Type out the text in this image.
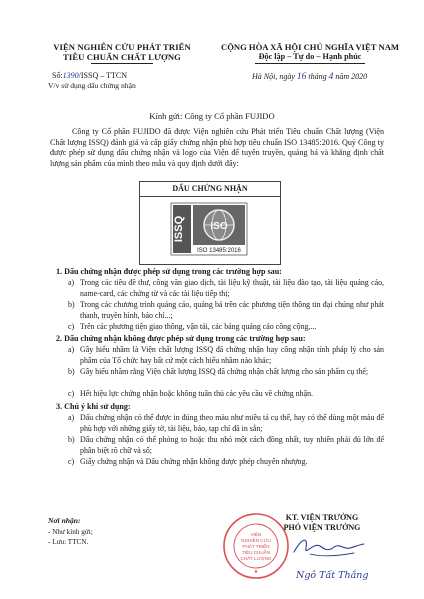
VIỆN NGHIÊN CỨU PHÁT TRIỂN
TIÊU CHUẨN CHẤT LƯỢNG
CỘNG HÒA XÃ HỘI CHỦ NGHĨA VIỆT NAM
Độc lập – Tự do – Hạnh phúc
Số:1390/ISSQ – TTCN
V/v sử dụng dấu chứng nhận
Hà Nội, ngày 16 tháng 4 năm 2020
Kính gửi: Công ty Cổ phần FUJIDO

Công ty Cổ phần FUJIDO đã được Viện nghiên cứu Phát triển Tiêu chuẩn Chất lượng (Viện Chất lượng ISSQ) đánh giá và cấp giấy chứng nhận phù hợp tiêu chuẩn ISO 13485:2016. Quý Công ty được phép sử dụng dấu chứng nhận và logo của Viện để tuyên truyền, quảng bá và khẳng định chất lượng sản phẩm của mình theo mẫu và quy định dưới đây:

DẤU CHỨNG NHẬN
ISSQ	ISO
ISO 13485:2016
1. Dấu chứng nhận được phép sử dụng trong các trường hợp sau:

a) Trong các tiêu đề thư, công văn giao dịch, tài liệu kỹ thuật, tài liệu đào tạo, tài liệu quảng cáo, name-card, các chứng từ và các tài liệu tiếp thị;

b) Trong các chương trình quảng cáo, quảng bá trên các phương tiện thông tin đại chúng như phát thanh, truyền hình, báo chí...;

c) Trên các phương tiện giao thông, vận tải, các bảng quảng cáo công cộng,...

2. Dấu chứng nhận không được phép sử dụng trong các trường hợp sau:

a) Gây hiểu nhầm là Viện chất lượng ISSQ đã chứng nhận hay công nhận tính pháp lý cho sản phẩm của Tổ chức hay bất cứ một cách hiểu nhầm nào khác;

b) Gây hiểu nhầm rằng Viện chất lượng ISSQ đã chứng nhận chất lượng cho sản phẩm cụ thể;

c) Hết hiệu lực chứng nhận hoặc không tuân thủ các yêu cầu về chứng nhận.

3. Chú ý khi sử dụng:

a) Dấu chứng nhận có thể được in đúng theo màu như miêu tả cụ thể, hay có thể dùng một màu để phù hợp với những giấy tờ, tài liệu, báo, tạp chí đã in sẵn;

b) Dấu chứng nhận có thể phóng to hoặc thu nhỏ một cách đồng nhất, tuy nhiên phải đủ lớn để phân biệt rõ chữ và số;

c) Giấy chứng nhận và Dấu chứng nhận không được phép chuyển nhượng.

Nơi nhận:
- Như kính gửi;
- Lưu: TTCN.
VIỆN
NGHIÊN CỨU
PHÁT TRIỂN
TIÊU CHUẨN
CHẤT LƯỢNG
★
KT. VIỆN TRƯỞNG
PHÓ VIỆN TRƯỞNG
Ngô Tất Thắng
